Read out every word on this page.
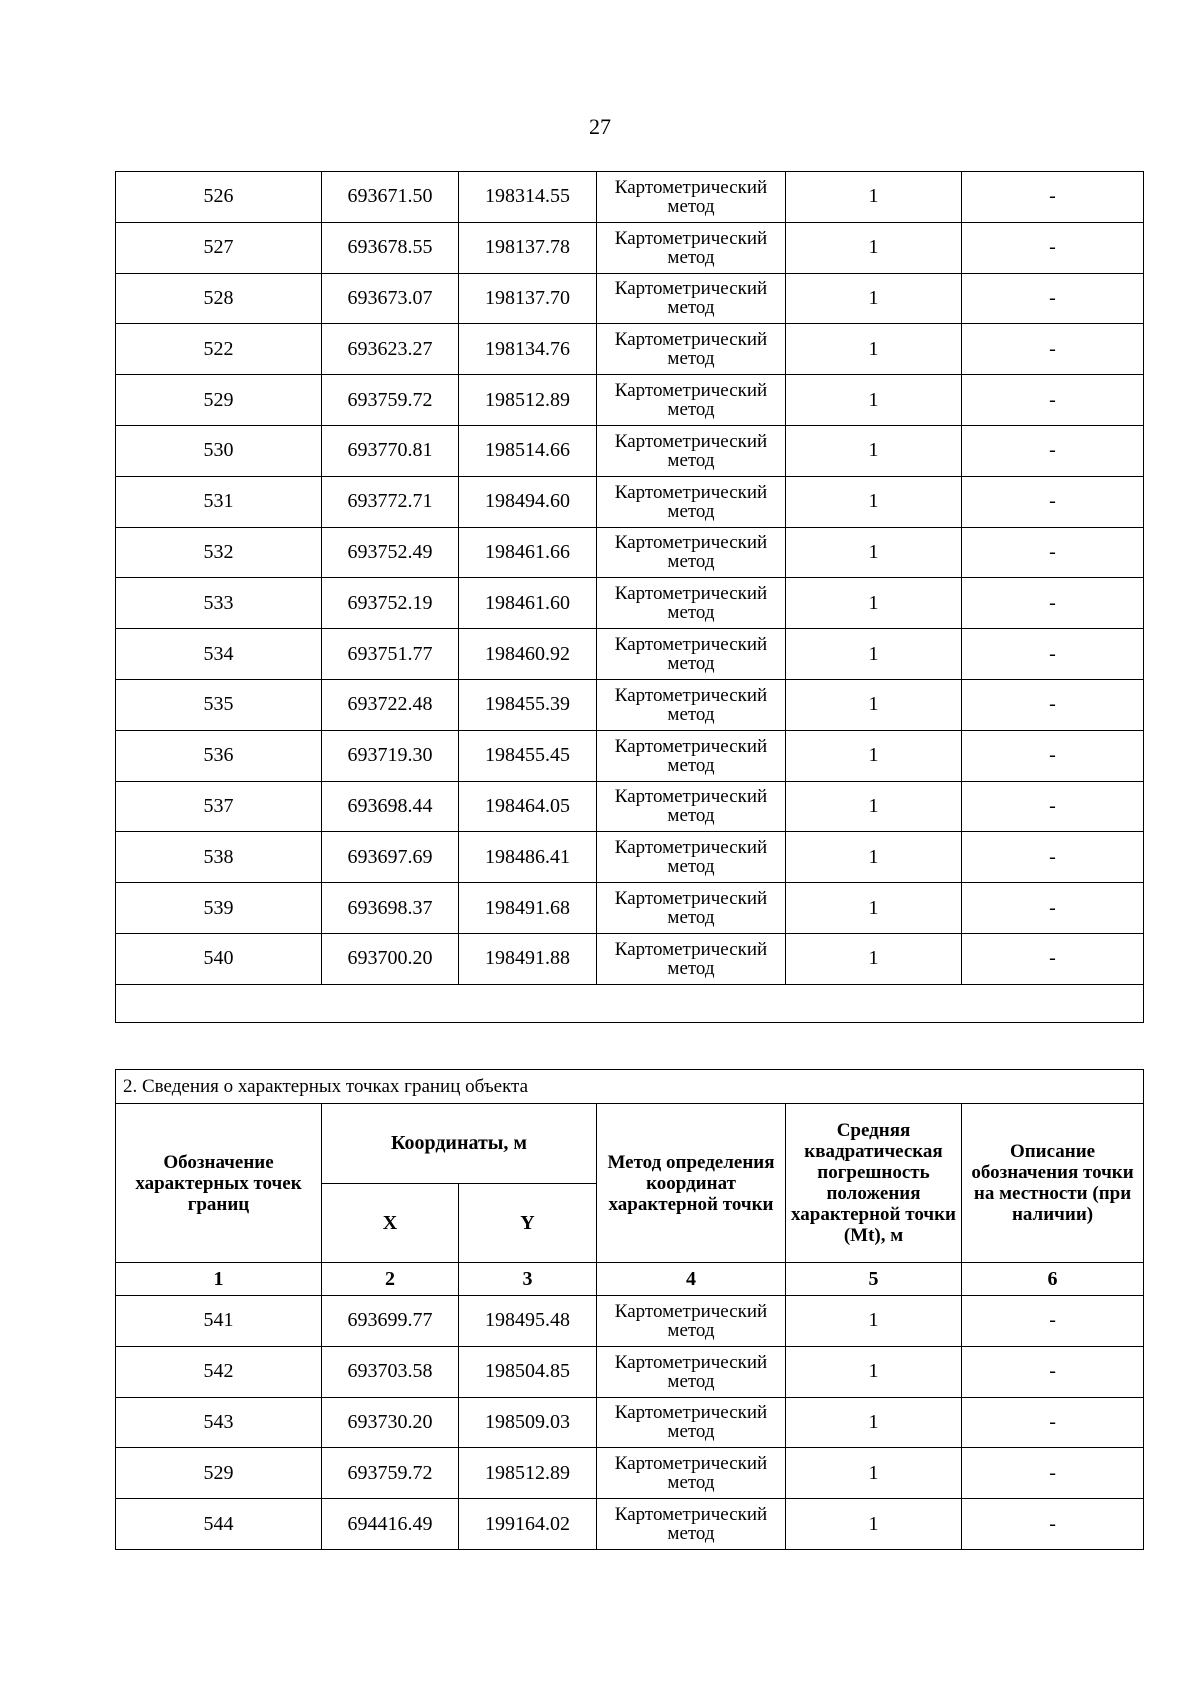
27
526	693671.50	198314.55	Картометрический
метод	1	-
527	693678.55	198137.78	Картометрический
метод	1	-
528	693673.07	198137.70	Картометрический
метод	1	-
522	693623.27	198134.76	Картометрический
метод	1	-
529	693759.72	198512.89	Картометрический
метод	1	-
530	693770.81	198514.66	Картометрический
метод	1	-
531	693772.71	198494.60	Картометрический
метод	1	-
532	693752.49	198461.66	Картометрический
метод	1	-
533	693752.19	198461.60	Картометрический
метод	1	-
534	693751.77	198460.92	Картометрический
метод	1	-
535	693722.48	198455.39	Картометрический
метод	1	-
536	693719.30	198455.45	Картометрический
метод	1	-
537	693698.44	198464.05	Картометрический
метод	1	-
538	693697.69	198486.41	Картометрический
метод	1	-
539	693698.37	198491.68	Картометрический
метод	1	-
540	693700.20	198491.88	Картометрический
метод	1	-

2. Сведения о характерных точках границ объекта					
Обозначение характерных точек границ	Координаты, м		Метод определения координат характерной точки	Средняя квадратическая погрешность положения характерной точки (Mt), м	Описание обозначения точки на местности (при наличии)
	X	Y			
1	2	3	4	5	6
541	693699.77	198495.48	Картометрический
метод	1	-
542	693703.58	198504.85	Картометрический
метод	1	-
543	693730.20	198509.03	Картометрический
метод	1	-
529	693759.72	198512.89	Картометрический
метод	1	-
544	694416.49	199164.02	Картометрический
метод	1	-
